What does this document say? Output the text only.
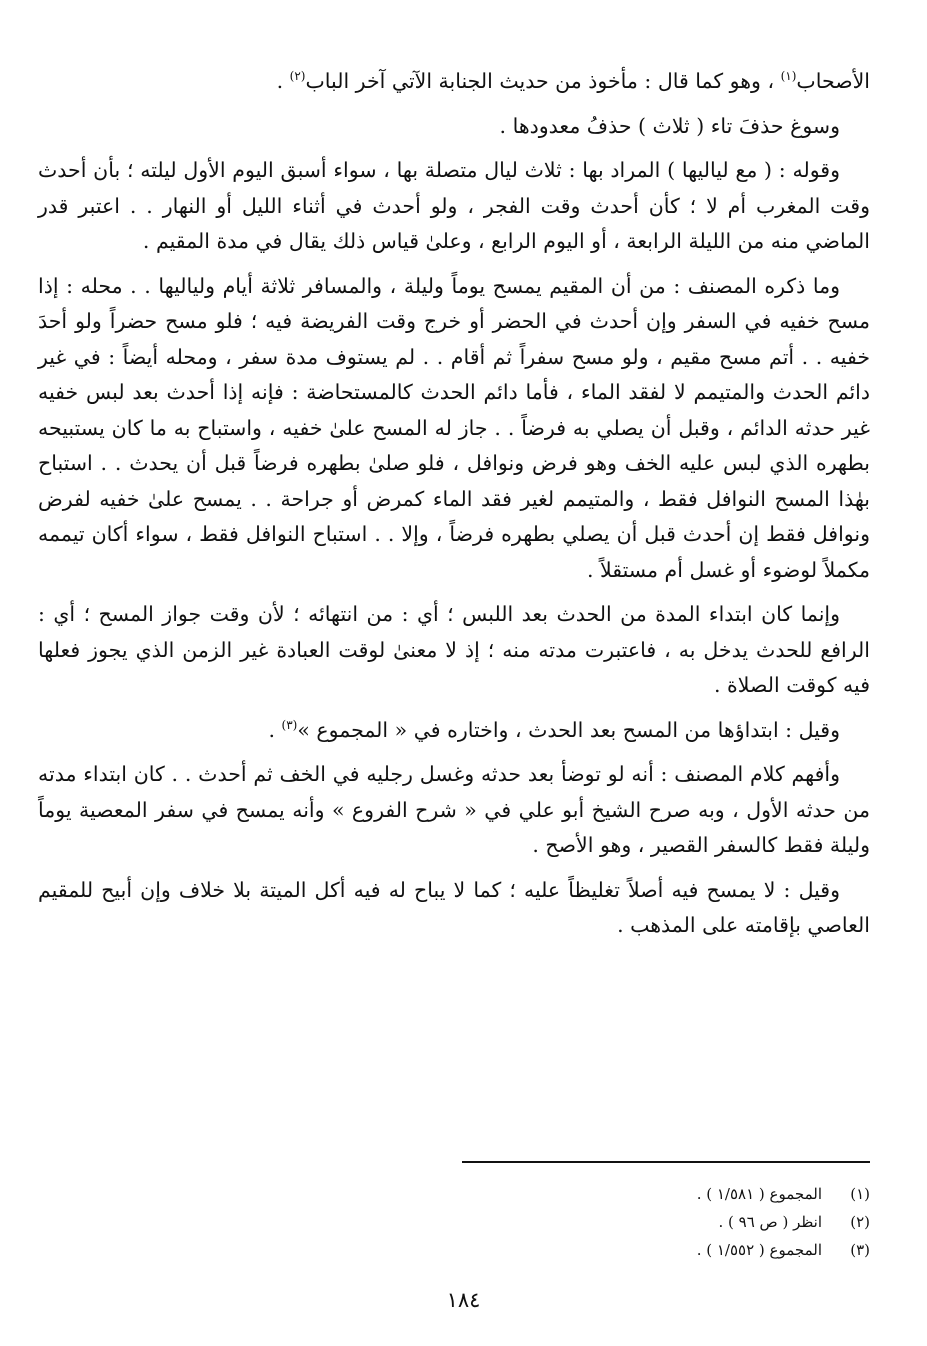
الأصحاب$^{(١)}$ ، وهو كما قال : مأخوذ من حديث الجنابة الآتي آخر الباب$^{(٢)}$ .

وسوغ حذفَ تاء ( ثلاث ) حذفُ معدودها .

وقوله : ( مع لياليها ) المراد بها : ثلاث ليال متصلة بها ، سواء أسبق اليوم الأول ليلته ؛ بأن أحدث وقت المغرب أم لا ؛ كأن أحدث وقت الفجر ، ولو أحدث في أثناء الليل أو النهار . . اعتبر قدر الماضي منه من الليلة الرابعة ، أو اليوم الرابع ، وعلىٰ قياس ذلك يقال في مدة المقيم .

وما ذكره المصنف : من أن المقيم يمسح يوماً وليلة ، والمسافر ثلاثة أيام ولياليها . . محله : إذا مسح خفيه في السفر وإن أحدث في الحضر أو خرج وقت الفريضة فيه ؛ فلو مسح حضراً ولو أحدَ خفيه . . أتم مسح مقيم ، ولو مسح سفراً ثم أقام . . لم يستوف مدة سفر ، ومحله أيضاً : في غير دائم الحدث والمتيمم لا لفقد الماء ، فأما دائم الحدث كالمستحاضة : فإنه إذا أحدث بعد لبس خفيه غير حدثه الدائم ، وقبل أن يصلي به فرضاً . . جاز له المسح علىٰ خفيه ، واستباح به ما كان يستبيحه بطهره الذي لبس عليه الخف وهو فرض ونوافل ، فلو صلىٰ بطهره فرضاً قبل أن يحدث . . استباح بهٰذا المسح النوافل فقط ، والمتيمم لغير فقد الماء كمرض أو جراحة . . يمسح علىٰ خفيه لفرض ونوافل فقط إن أحدث قبل أن يصلي بطهره فرضاً ، وإلا . . استباح النوافل فقط ، سواء أكان تيممه مكملاً لوضوء أو غسل أم مستقلاً .

وإنما كان ابتداء المدة من الحدث بعد اللبس ؛ أي : من انتهائه ؛ لأن وقت جواز المسح ؛ أي : الرافع للحدث يدخل به ، فاعتبرت مدته منه ؛ إذ لا معنىٰ لوقت العبادة غير الزمن الذي يجوز فعلها فيه كوقت الصلاة .

وقيل : ابتداؤها من المسح بعد الحدث ، واختاره في « المجموع »$^{(٣)}$ .

وأفهم كلام المصنف : أنه لو توضأ بعد حدثه وغسل رجليه في الخف ثم أحدث . . كان ابتداء مدته من حدثه الأول ، وبه صرح الشيخ أبو علي في « شرح الفروع » وأنه يمسح في سفر المعصية يوماً وليلة فقط كالسفر القصير ، وهو الأصح .

وقيل : لا يمسح فيه أصلاً تغليظاً عليه ؛ كما لا يباح له فيه أكل الميتة بلا خلاف وإن أبيح للمقيم العاصي بإقامته على المذهب .

(١)المجموع ( ١/٥٨١ ) .
(٢)انظر ( ص ٩٦ ) .
(٣)المجموع ( ١/٥٥٢ ) .
١٨٤
